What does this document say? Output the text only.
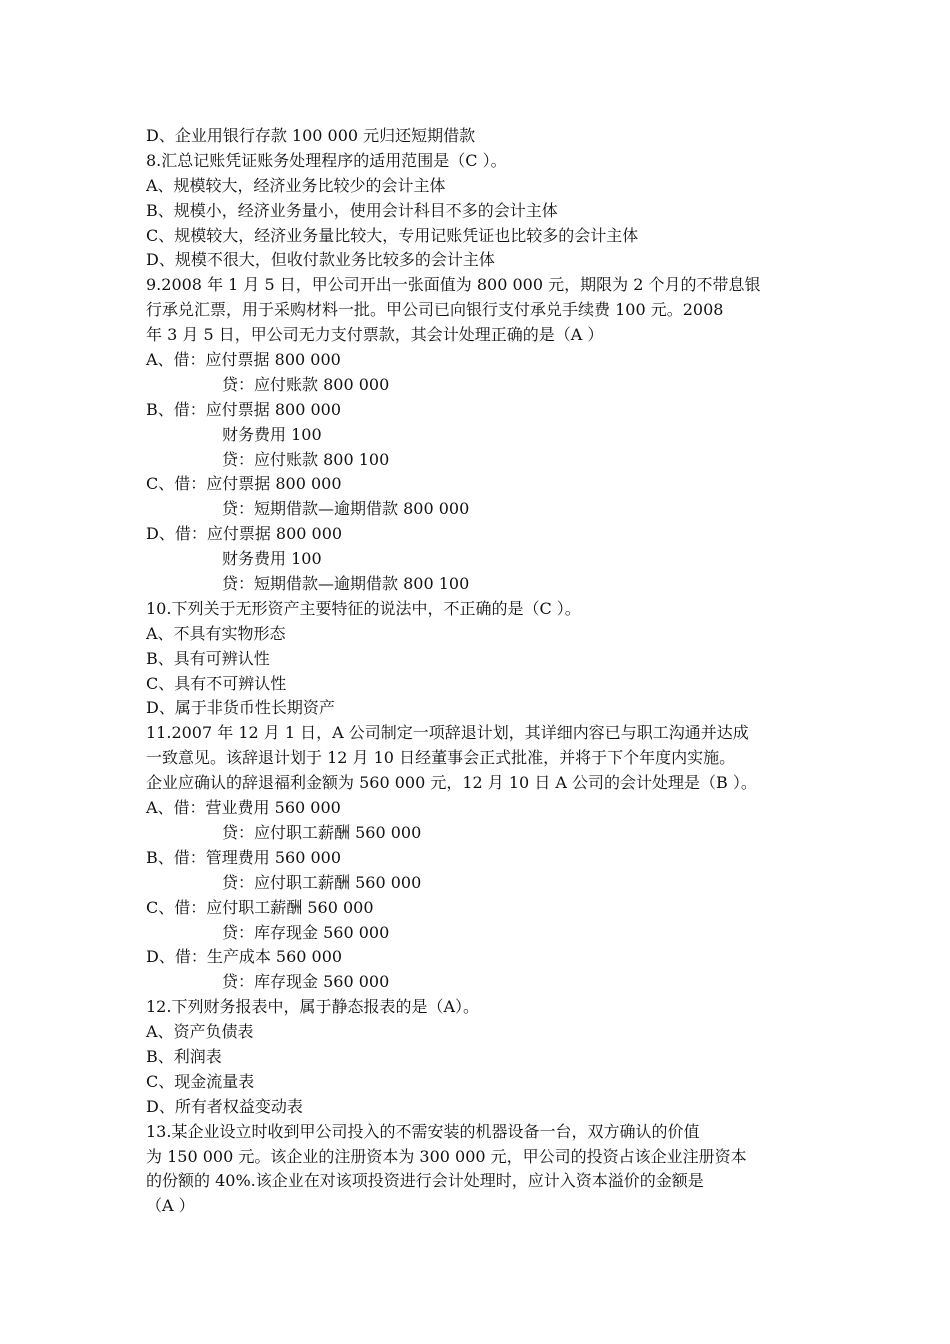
D、企业用银行存款 100 000 元归还短期借款
8.汇总记账凭证账务处理程序的适用范围是（C ）。
A、规模较大，经济业务比较少的会计主体
B、规模小，经济业务量小，使用会计科目不多的会计主体
C、规模较大，经济业务量比较大，专用记账凭证也比较多的会计主体
D、规模不很大，但收付款业务比较多的会计主体
9.2008 年 1 月 5 日，甲公司开出一张面值为 800 000 元，期限为 2 个月的不带息银
行承兑汇票，用于采购材料一批。甲公司已向银行支付承兑手续费 100 元。2008
年 3 月 5 日，甲公司无力支付票款，其会计处理正确的是（A ）
A、借：应付票据 800 000
贷：应付账款 800 000
B、借：应付票据 800 000
财务费用 100
贷：应付账款 800 100
C、借：应付票据 800 000
贷：短期借款—逾期借款 800 000
D、借：应付票据 800 000
财务费用 100
贷：短期借款—逾期借款 800 100
10.下列关于无形资产主要特征的说法中，不正确的是（C ）。
A、不具有实物形态
B、具有可辨认性
C、具有不可辨认性
D、属于非货币性长期资产
11.2007 年 12 月 1 日，A 公司制定一项辞退计划，其详细内容已与职工沟通并达成
一致意见。该辞退计划于 12 月 10 日经董事会正式批准，并将于下个年度内实施。
企业应确认的辞退福利金额为 560 000 元，12 月 10 日 A 公司的会计处理是（B ）。
A、借：营业费用 560 000
贷：应付职工薪酬 560 000
B、借：管理费用 560 000
贷：应付职工薪酬 560 000
C、借：应付职工薪酬 560 000
贷：库存现金 560 000
D、借：生产成本 560 000
贷：库存现金 560 000
12.下列财务报表中，属于静态报表的是（A）。
A、资产负债表
B、利润表
C、现金流量表
D、所有者权益变动表
13.某企业设立时收到甲公司投入的不需安装的机器设备一台，双方确认的价值
为 150 000 元。该企业的注册资本为 300 000 元，甲公司的投资占该企业注册资本
的份额的 40%.该企业在对该项投资进行会计处理时，应计入资本溢价的金额是
（A ）
